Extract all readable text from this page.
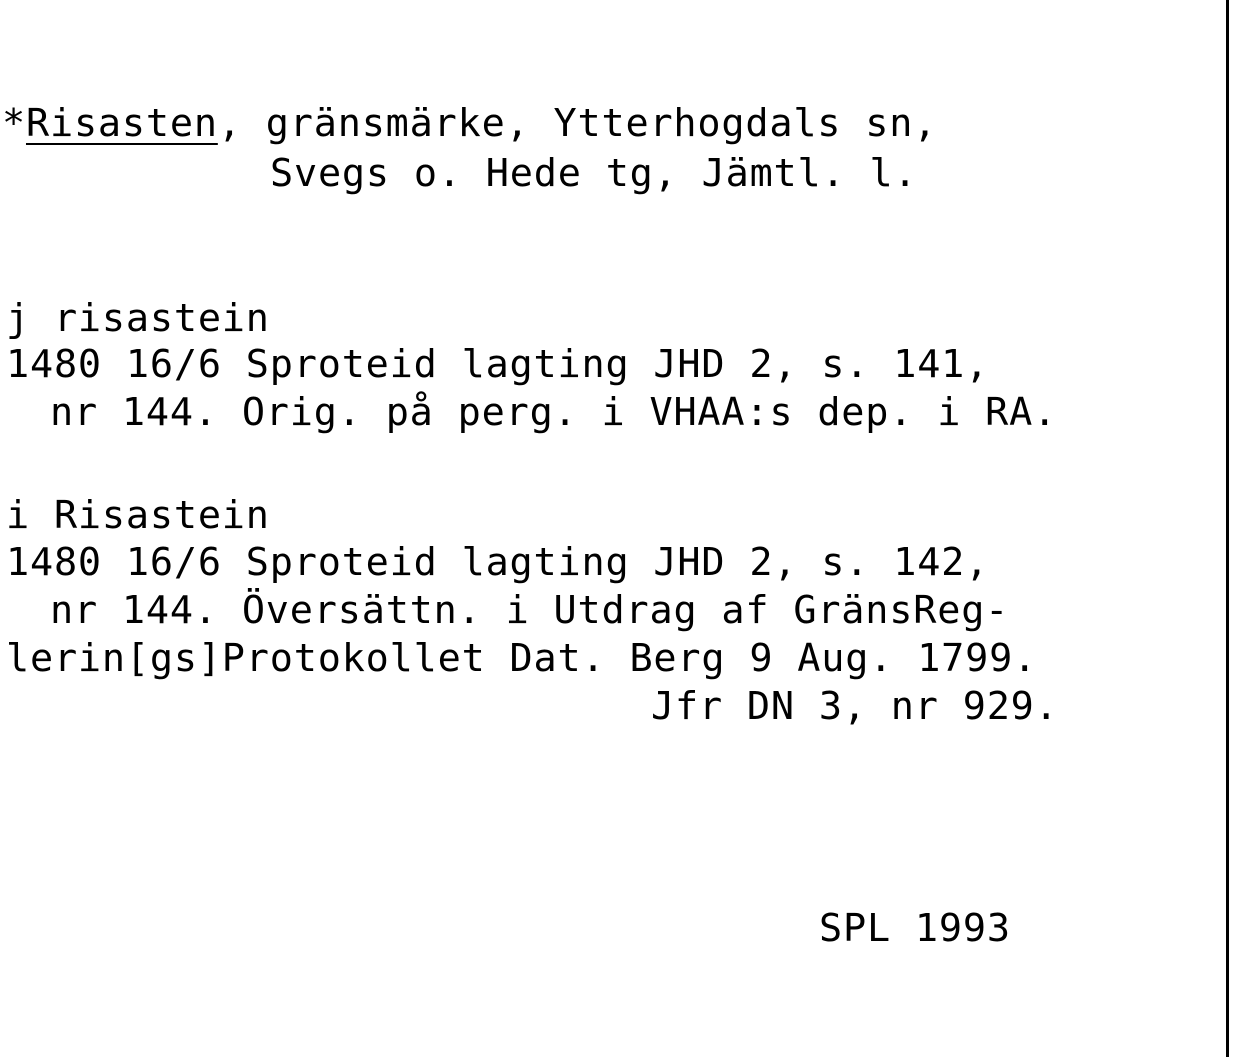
*Risasten, gränsmärke, Ytterhogdals sn,
Svegs o. Hede tg, Jämtl. l.
j risastein
1480 16/6 Sproteid lagting JHD 2, s. 141,
nr 144. Orig. på perg. i VHAA:s dep. i RA.
i Risastein
1480 16/6 Sproteid lagting JHD 2, s. 142,
nr 144. Översättn. i Utdrag af GränsReg-
lerin[gs]Protokollet Dat. Berg 9 Aug. 1799.
Jfr DN 3, nr 929.
SPL 1993
